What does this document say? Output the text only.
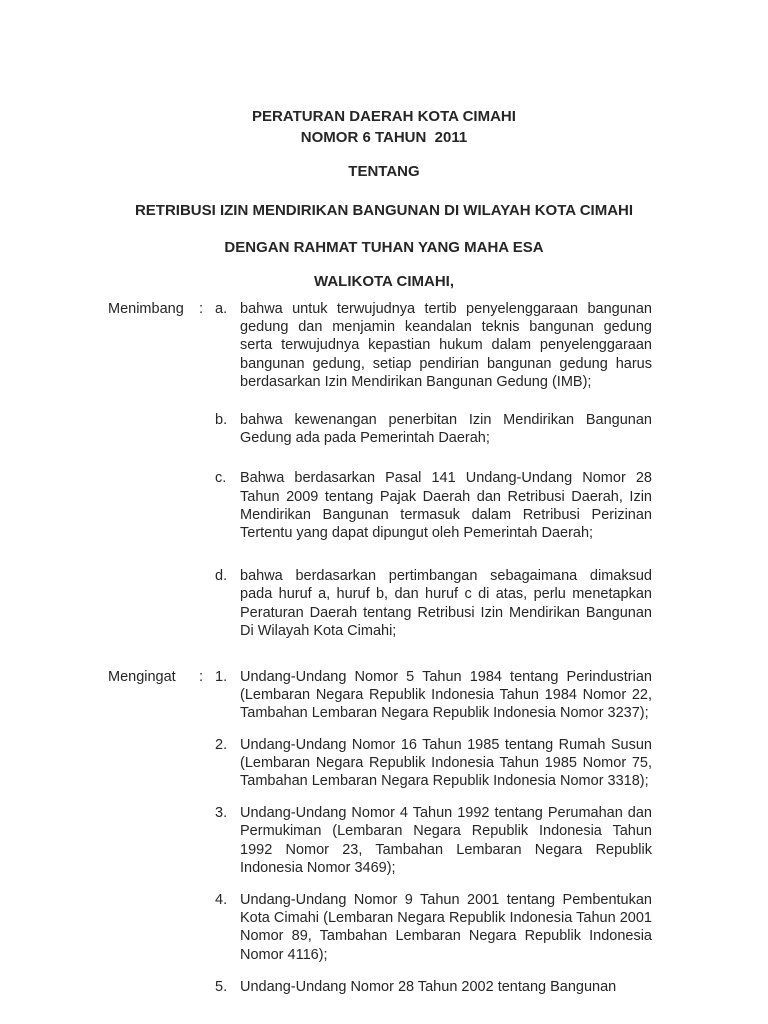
PERATURAN DAERAH KOTA CIMAHI
NOMOR 6 TAHUN  2011
TENTANG
RETRIBUSI IZIN MENDIRIKAN BANGUNAN DI WILAYAH KOTA CIMAHI
DENGAN RAHMAT TUHAN YANG MAHA ESA
WALIKOTA CIMAHI,
Menimbang : a. bahwa untuk terwujudnya tertib penyelenggaraan bangunan gedung dan menjamin keandalan teknis bangunan gedung serta terwujudnya kepastian hukum dalam penyelenggaraan bangunan gedung, setiap pendirian bangunan gedung harus berdasarkan Izin Mendirikan Bangunan Gedung (IMB);
b. bahwa kewenangan penerbitan Izin Mendirikan Bangunan Gedung ada pada Pemerintah Daerah;
c. Bahwa berdasarkan Pasal 141 Undang-Undang Nomor 28 Tahun 2009 tentang Pajak Daerah dan Retribusi Daerah, Izin Mendirikan Bangunan termasuk dalam Retribusi Perizinan Tertentu yang dapat dipungut oleh Pemerintah Daerah;
d. bahwa berdasarkan pertimbangan sebagaimana dimaksud pada huruf a, huruf b, dan huruf c di atas, perlu menetapkan Peraturan Daerah tentang Retribusi Izin Mendirikan Bangunan Di Wilayah Kota Cimahi;
Mengingat : 1. Undang-Undang Nomor 5 Tahun 1984 tentang Perindustrian (Lembaran Negara Republik Indonesia Tahun 1984 Nomor 22, Tambahan Lembaran Negara Republik Indonesia Nomor 3237);
2. Undang-Undang Nomor 16 Tahun 1985 tentang Rumah Susun (Lembaran Negara Republik Indonesia Tahun 1985 Nomor 75, Tambahan Lembaran Negara Republik Indonesia Nomor 3318);
3. Undang-Undang Nomor 4 Tahun 1992 tentang Perumahan dan Permukiman (Lembaran Negara Republik Indonesia Tahun 1992 Nomor 23, Tambahan Lembaran Negara Republik Indonesia Nomor 3469);
4. Undang-Undang Nomor 9 Tahun 2001 tentang Pembentukan Kota Cimahi (Lembaran Negara Republik Indonesia Tahun 2001 Nomor 89, Tambahan Lembaran Negara Republik Indonesia Nomor 4116);
5. Undang-Undang Nomor 28 Tahun 2002 tentang Bangunan
